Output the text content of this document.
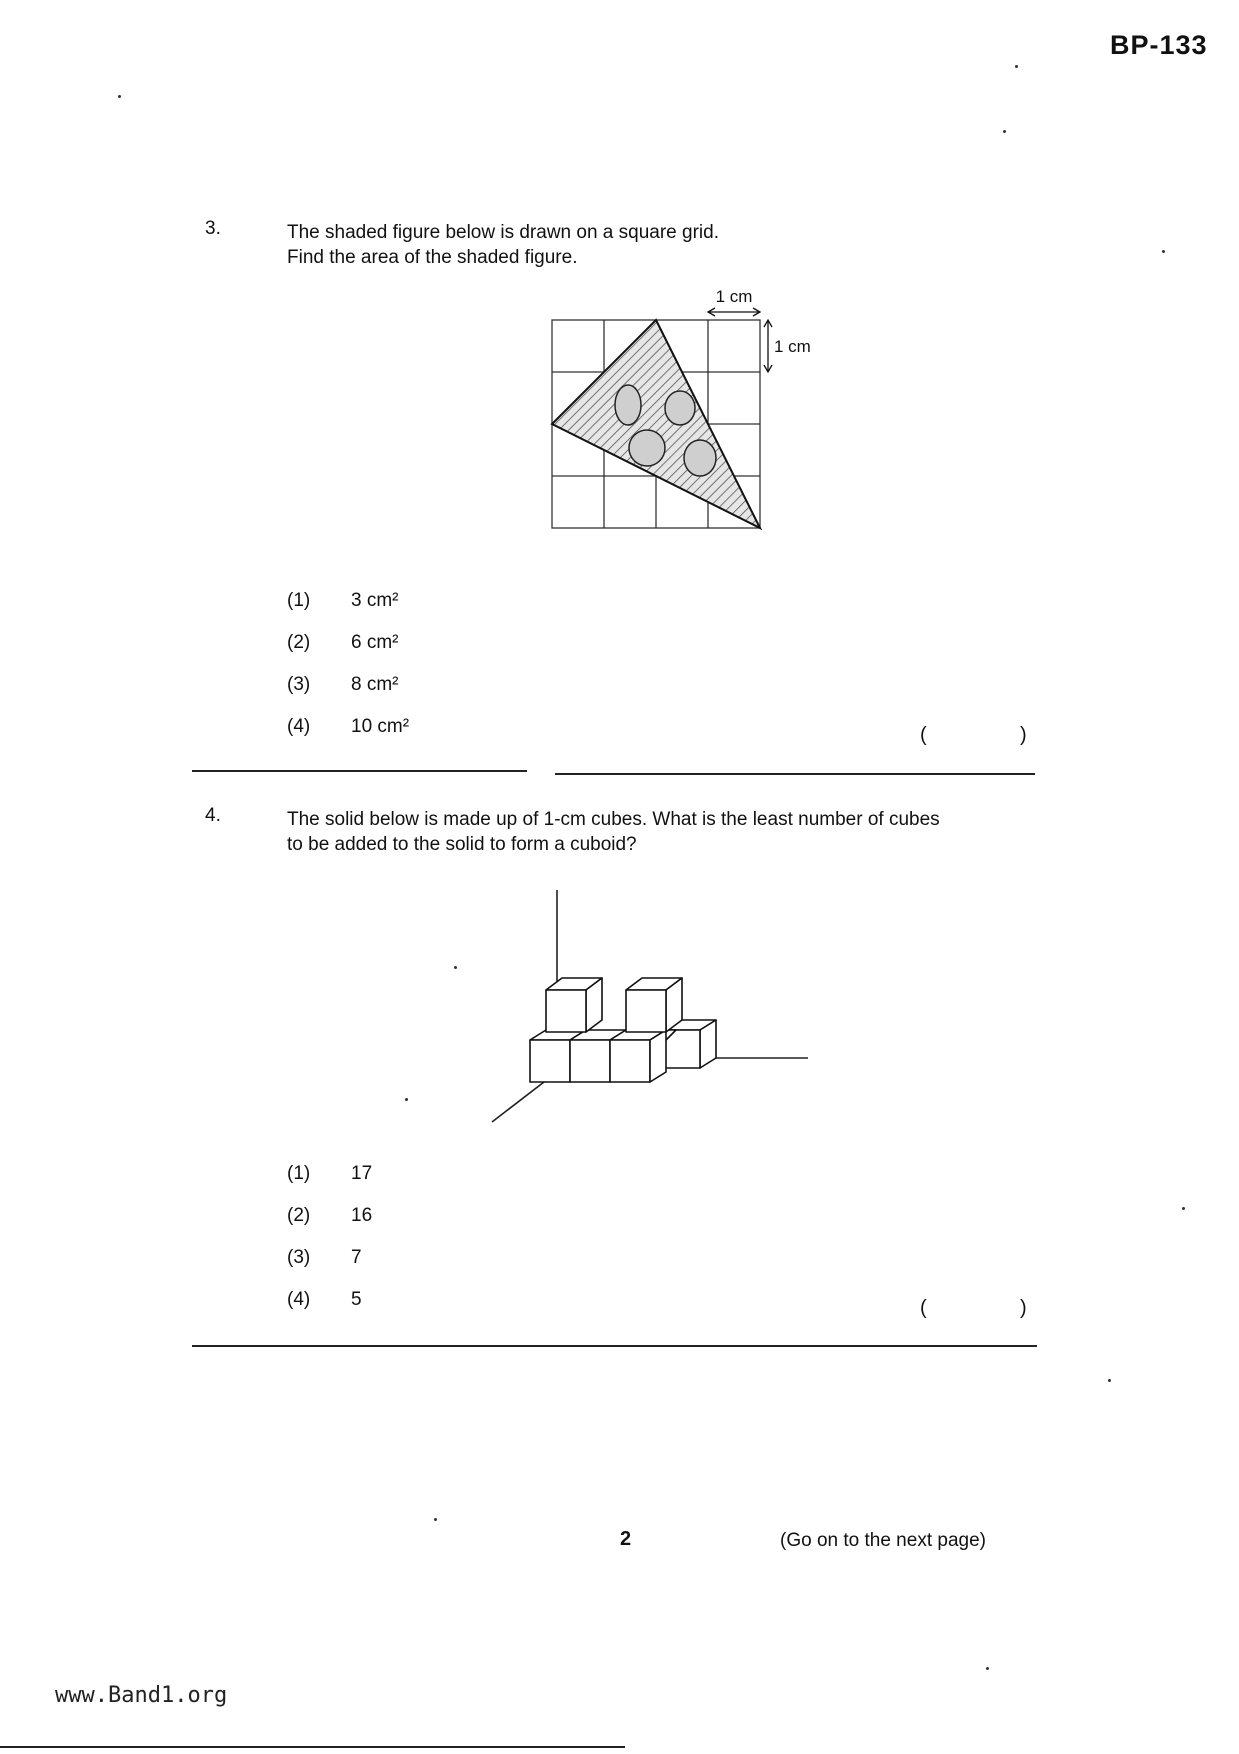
BP-133
3.	The shaded figure below is drawn on a square grid.
Find the area of the shaded figure.
1 cm
1 cm
(1) 3 cm²
(2) 6 cm²
(3) 8 cm²
(4) 10 cm²	(	)
4.	The solid below is made up of 1-cm cubes. What is the least number of cubes
to be added to the solid to form a cuboid?
(1) 17
(2) 16
(3) 7
(4) 5	(	)
2	(Go on to the next page)
www.Band1.org
